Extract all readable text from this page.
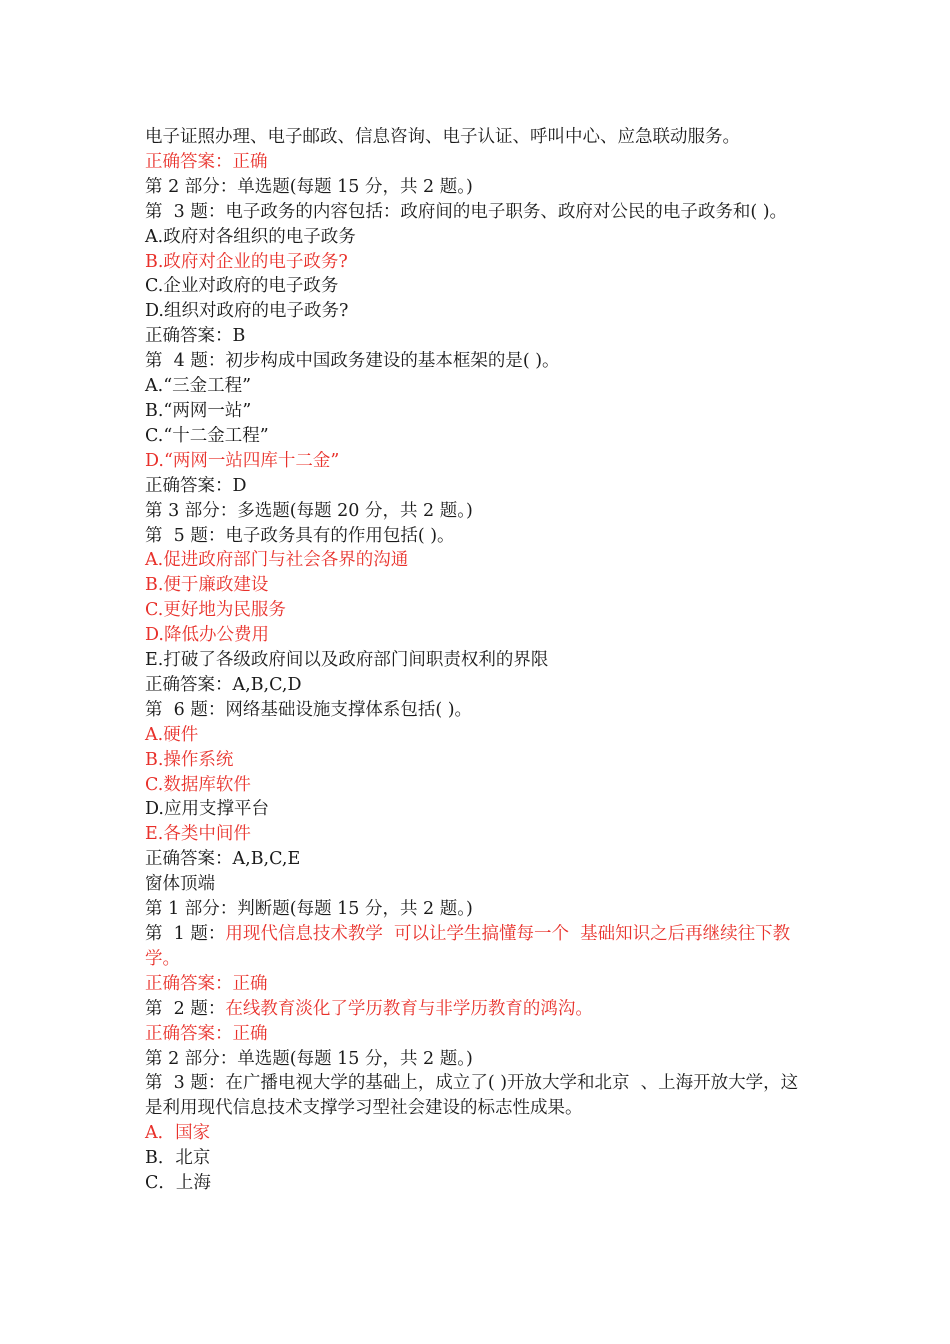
电子证照办理、电子邮政、信息咨询、电子认证、呼叫中心、应急联动服务。
正确答案：正确
第 2 部分：单选题(每题 15 分，共 2 题。)
第  3 题：电子政务的内容包括：政府间的电子职务、政府对公民的电子政务和( )。
A.政府对各组织的电子政务
B.政府对企业的电子政务?
C.企业对政府的电子政务
D.组织对政府的电子政务?
正确答案：B
第  4 题：初步构成中国政务建设的基本框架的是( )。
A.“三金工程”
B.“两网一站”
C.“十二金工程”
D.“两网一站四库十二金”
正确答案：D
第 3 部分：多选题(每题 20 分，共 2 题。)
第  5 题：电子政务具有的作用包括( )。
A.促进政府部门与社会各界的沟通
B.便于廉政建设
C.更好地为民服务
D.降低办公费用
E.打破了各级政府间以及政府部门间职责权利的界限
正确答案：A,B,C,D
第  6 题：网络基础设施支撑体系包括( )。
A.硬件
B.操作系统
C.数据库软件
D.应用支撑平台
E.各类中间件
正确答案：A,B,C,E
窗体顶端
第 1 部分：判断题(每题 15 分，共 2 题。)
第  1 题：用现代信息技术教学  可以让学生搞懂每一个  基础知识之后再继续往下教学。
正确答案：正确
第  2 题：在线教育淡化了学历教育与非学历教育的鸿沟。
正确答案：正确
第 2 部分：单选题(每题 15 分，共 2 题。)
第  3 题：在广播电视大学的基础上，成立了( )开放大学和北京  、上海开放大学，这是利用现代信息技术支撑学习型社会建设的标志性成果。
A．国家
B．北京
C．上海
